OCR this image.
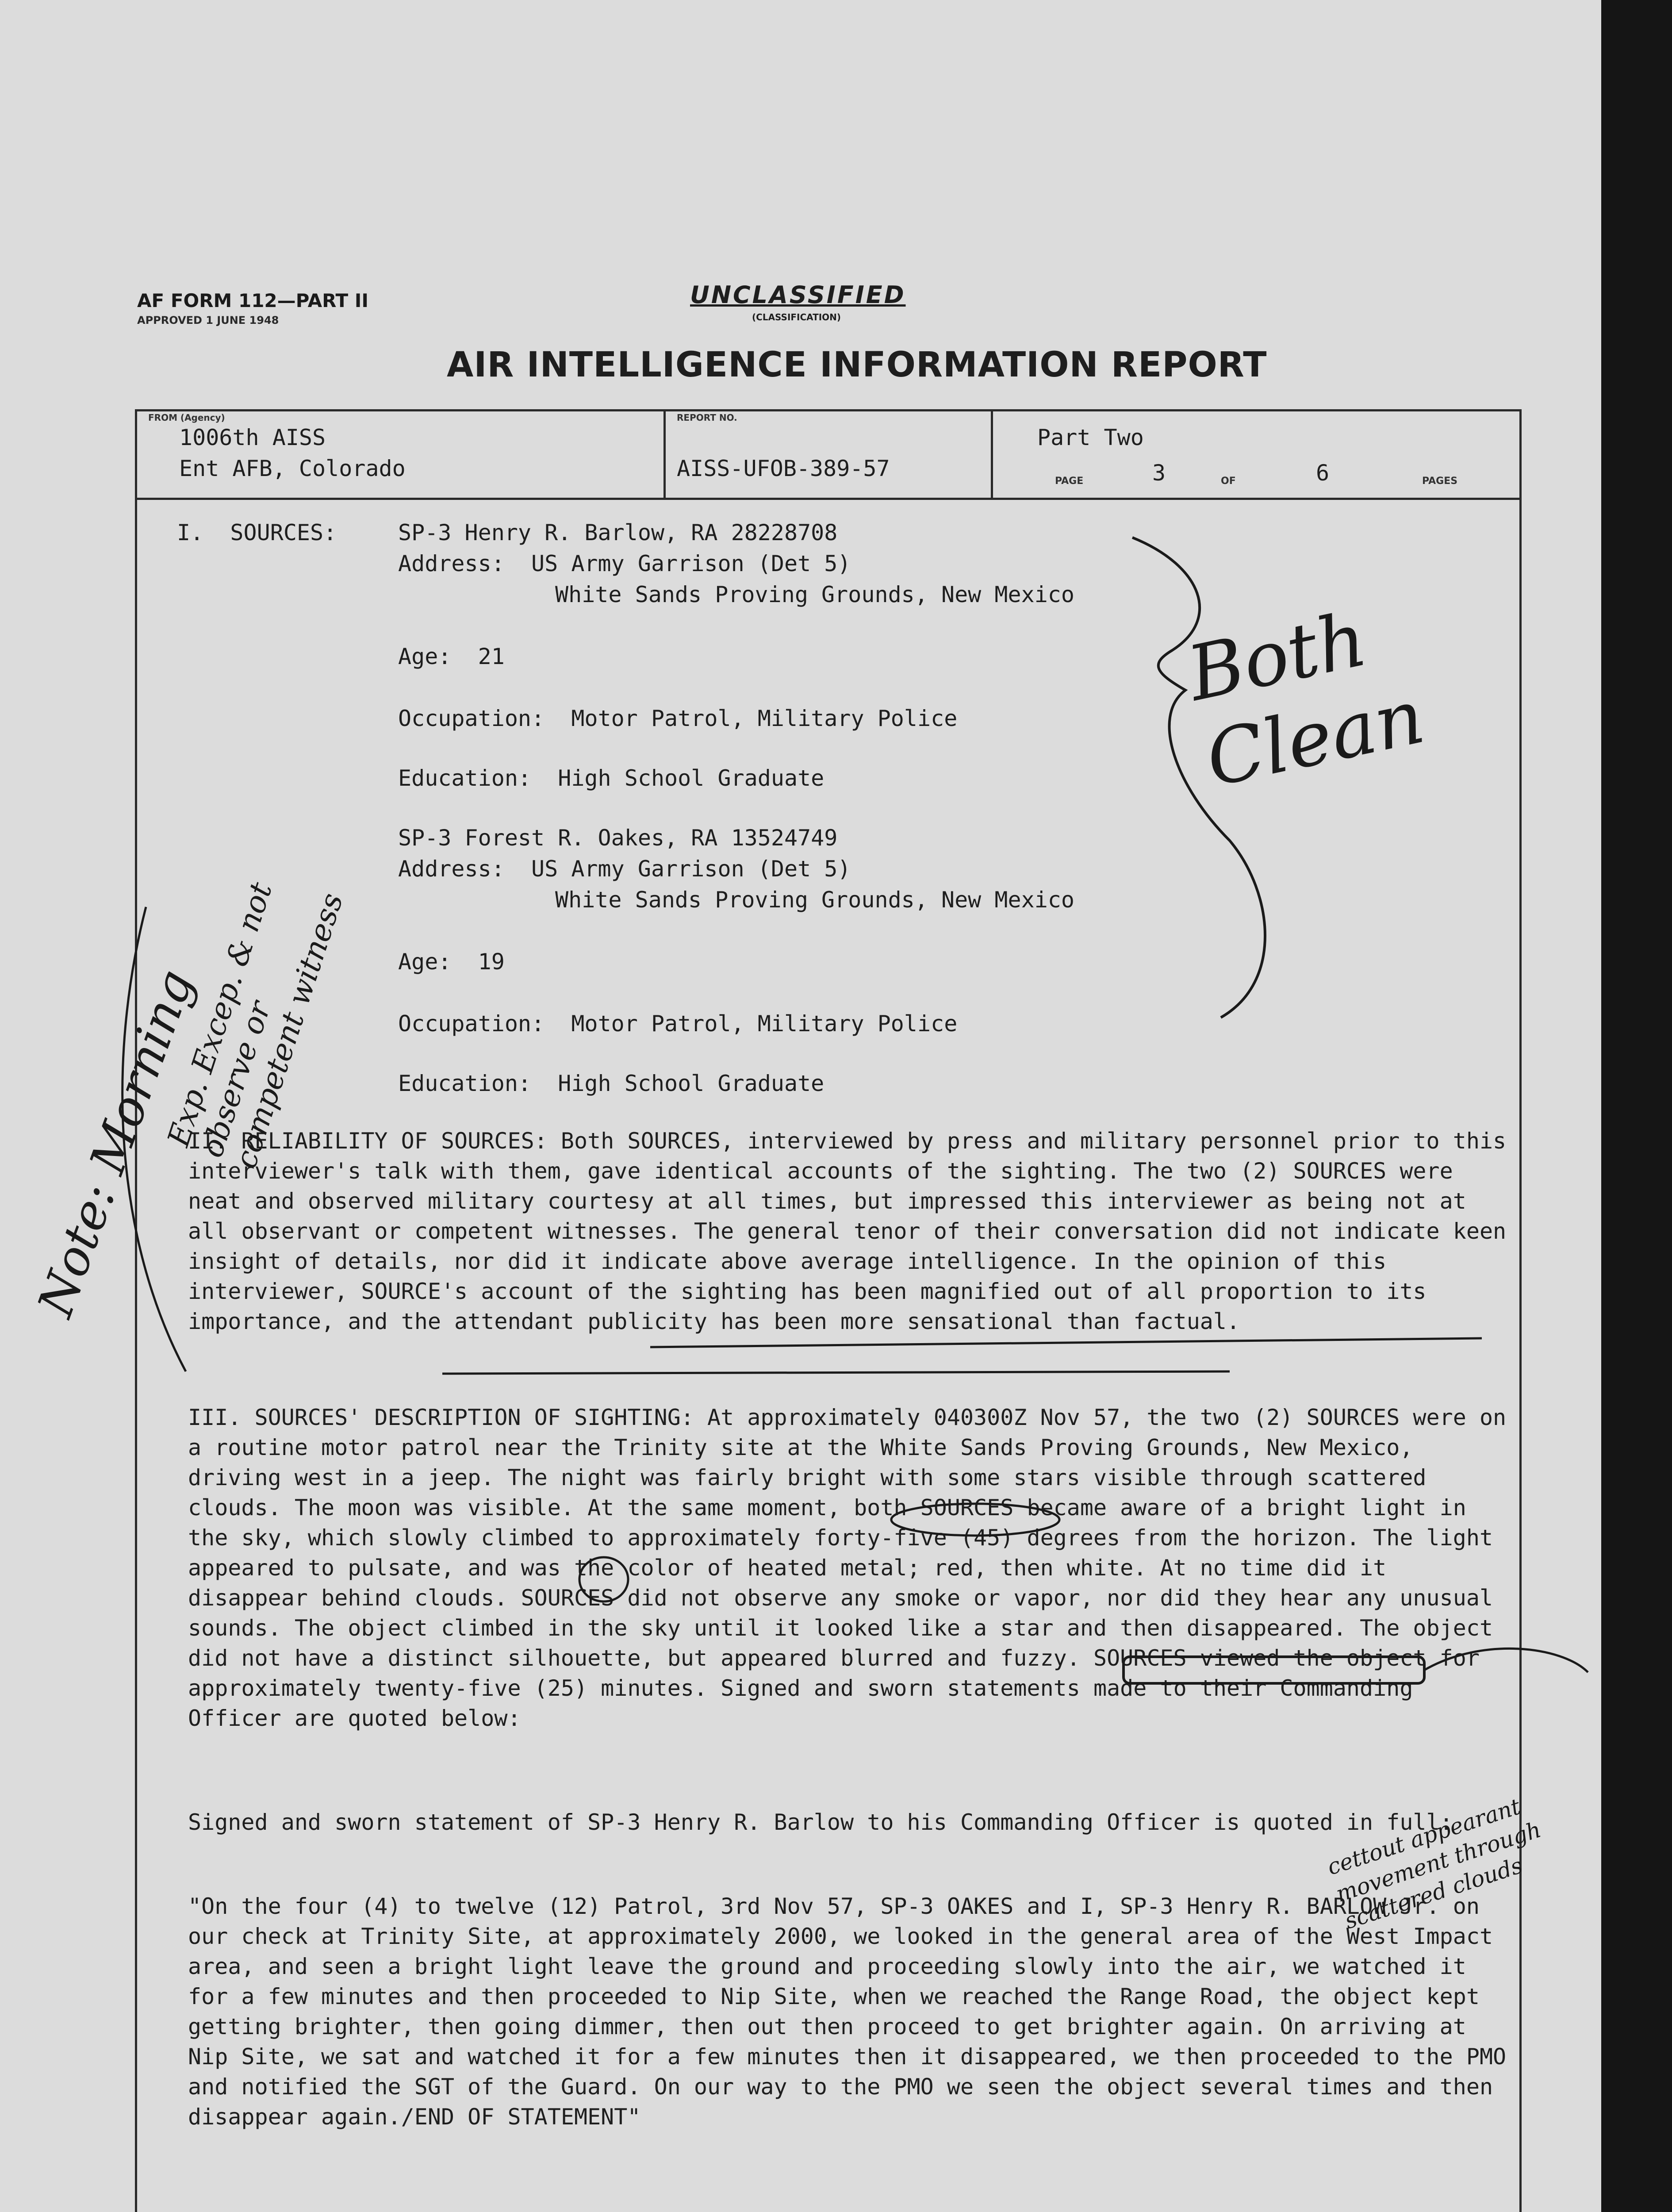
AF FORM 112—PART II
APPROVED 1 JUNE 1948
UNCLASSIFIED
(CLASSIFICATION)
AIR INTELLIGENCE INFORMATION REPORT
FROM (Agency)
1006th AISS
Ent AFB, Colorado
REPORT NO.
AISS-UFOB-389-57
Part Two
PAGE	3	OF	6	PAGES
I.  SOURCES:	SP-3 Henry R. Barlow, RA 28228708
Address:  US Army Garrison (Det 5)
White Sands Proving Grounds, New Mexico
Age:  21
Occupation:  Motor Patrol, Military Police
Education:  High School Graduate
SP-3 Forest R. Oakes, RA 13524749
Address:  US Army Garrison (Det 5)
White Sands Proving Grounds, New Mexico
Age:  19
Occupation:  Motor Patrol, Military Police
Education:  High School Graduate
II. RELIABILITY OF SOURCES: Both SOURCES, interviewed by press and military personnel prior to this interviewer's talk with them, gave identical accounts of the sighting. The two (2) SOURCES were neat and observed military courtesy at all times, but impressed this interviewer as being not at all observant or competent witnesses. The general tenor of their conversation did not indicate keen insight of details, nor did it indicate above average intelligence. In the opinion of this interviewer, SOURCE's account of the sighting has been magnified out of all proportion to its importance, and the attendant publicity has been more sensational than factual.
III. SOURCES' DESCRIPTION OF SIGHTING: At approximately 040300Z Nov 57, the two (2) SOURCES were on a routine motor patrol near the Trinity site at the White Sands Proving Grounds, New Mexico, driving west in a jeep. The night was fairly bright with some stars visible through scattered clouds. The moon was visible. At the same moment, both SOURCES became aware of a bright light in the sky, which slowly climbed to approximately forty-five (45) degrees from the horizon. The light appeared to pulsate, and was the color of heated metal; red, then white. At no time did it disappear behind clouds. SOURCES did not observe any smoke or vapor, nor did they hear any unusual sounds. The object climbed in the sky until it looked like a star and then disappeared. The object did not have a distinct silhouette, but appeared blurred and fuzzy. SOURCES viewed the object for approximately twenty-five (25) minutes. Signed and sworn statements made to their Commanding Officer are quoted below:
Signed and sworn statement of SP-3 Henry R. Barlow to his Commanding Officer is quoted in full:
"On the four (4) to twelve (12) Patrol, 3rd Nov 57, SP-3 OAKES and I, SP-3 Henry R. BARLOW Jr. on our check at Trinity Site, at approximately 2000, we looked in the general area of the West Impact area, and seen a bright light leave the ground and proceeding slowly into the air, we watched it for a few minutes and then proceeded to Nip Site, when we reached the Range Road, the object kept getting brighter, then going dimmer, then out then proceed to get brighter again. On arriving at Nip Site, we sat and watched it for a few minutes then it disappeared, we then proceeded to the PMO and notified the SGT of the Guard. On our way to the PMO we seen the object several times and then disappear again./END OF STATEMENT"
Both Clean
Note: Morning
Exp. Excep. & not observe or competent witness
cettout appearant movement through scattered clouds
